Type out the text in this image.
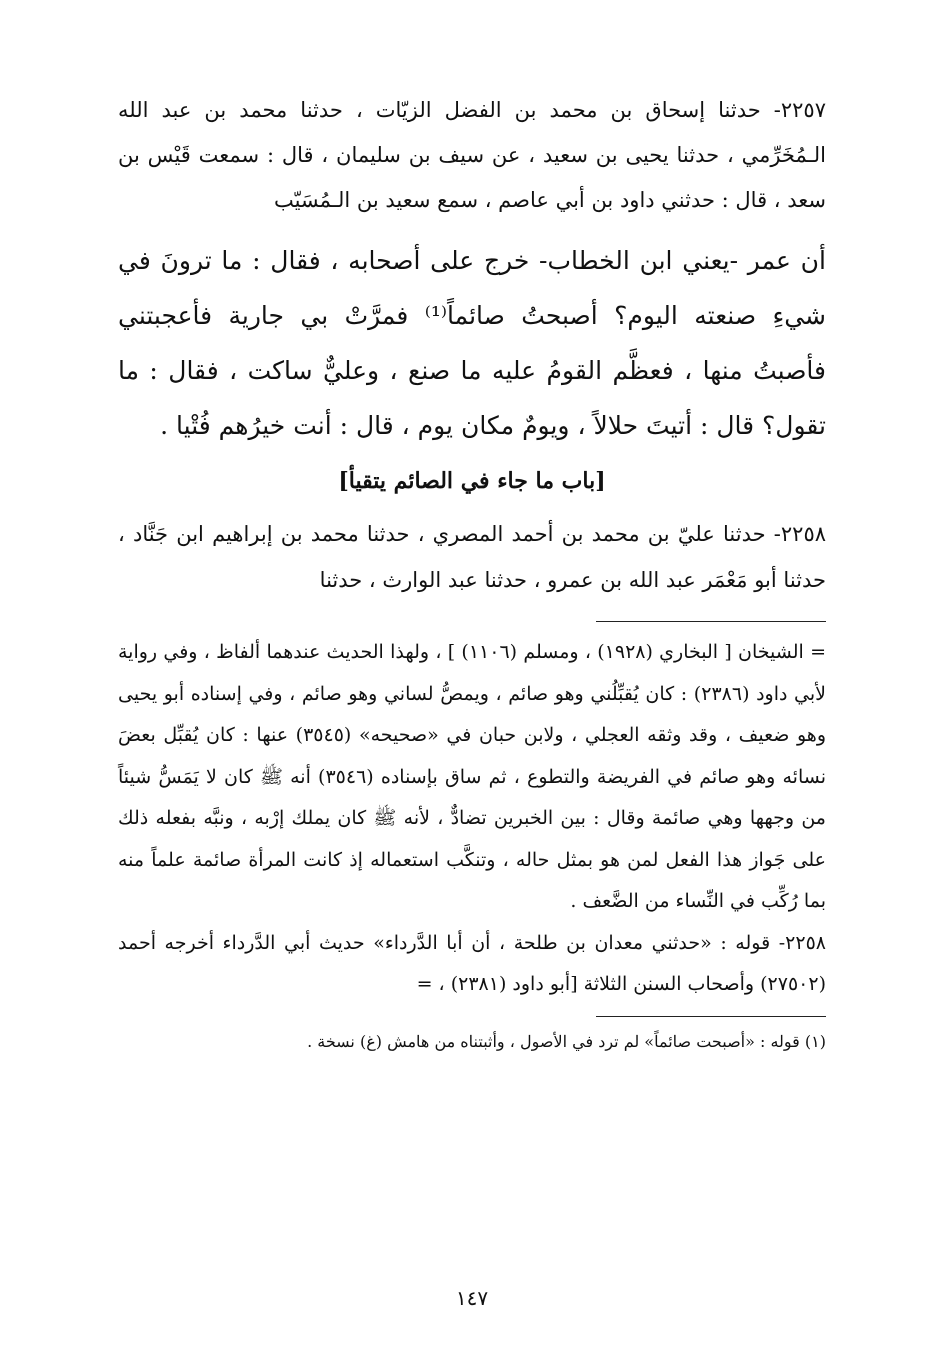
٢٢٥٧- حدثنا إسحاق بن محمد بن الفضل الزيّات ، حدثنا محمد بن عبد الله الـمُخَرِّمي ، حدثنا يحيى بن سعيد ، عن سيف بن سليمان ، قال : سمعت قَيْس بن سعد ، قال : حدثني داود بن أبي عاصم ، سمع سعيد بن الـمُسَيّب

أن عمر -يعني ابن الخطاب- خرج على أصحابه ، فقال : ما ترونَ في شيءِ صنعته اليوم؟ أصبحتُ صائماً⁽¹⁾ فمرَّتْ بي جارية فأعجبتني فأصبتُ منها ، فعظَّم القومُ عليه ما صنع ، وعليٌّ ساكت ، فقال : ما تقول؟ قال : أتيتَ حلالاً ، ويومٌ مكان يوم ، قال : أنت خيرُهم فُتْيا .

[باب ما جاء في الصائم يتقيأ]

٢٢٥٨- حدثنا عليّ بن محمد بن أحمد المصري ، حدثنا محمد بن إبراهيم ابن جَنَّاد ، حدثنا أبو مَعْمَر عبد الله بن عمرو ، حدثنا عبد الوارث ، حدثنا

= الشيخان [ البخاري (١٩٢٨) ، ومسلم (١١٠٦) ] ، ولهذا الحديث عندهما ألفاظ ، وفي رواية لأبي داود (٢٣٨٦) : كان يُقبِّلُني وهو صائم ، ويمصُّ لساني وهو صائم ، وفي إسناده أبو يحيى وهو ضعيف ، وقد وثقه العجلي ، ولابن حبان في «صحيحه» (٣٥٤٥) عنها : كان يُقبِّل بعضَ نسائه وهو صائم في الفريضة والتطوع ، ثم ساق بإسناده (٣٥٤٦) أنه ﷺ كان لا يَمَسُّ شيئاً من وجهها وهي صائمة وقال : بين الخبرين تضادٌّ ، لأنه ﷺ كان يملك إرْبه ، ونبَّه بفعله ذلك على جَواز هذا الفعل لمن هو بمثل حاله ، وتنكَّب استعماله إذ كانت المرأة صائمة علماً منه بما رُكِّب في النِّساء من الضَّعف .

٢٢٥٨- قوله : «حدثني معدان بن طلحة ، أن أبا الدَّرداء» حديث أبي الدَّرداء أخرجه أحمد (٢٧٥٠٢) وأصحاب السنن الثلاثة [أبو داود (٢٣٨١) ، =

(١) قوله : «أصبحت صائماً» لم ترد في الأصول ، وأثبتناه من هامش (غ) نسخة .

١٤٧
